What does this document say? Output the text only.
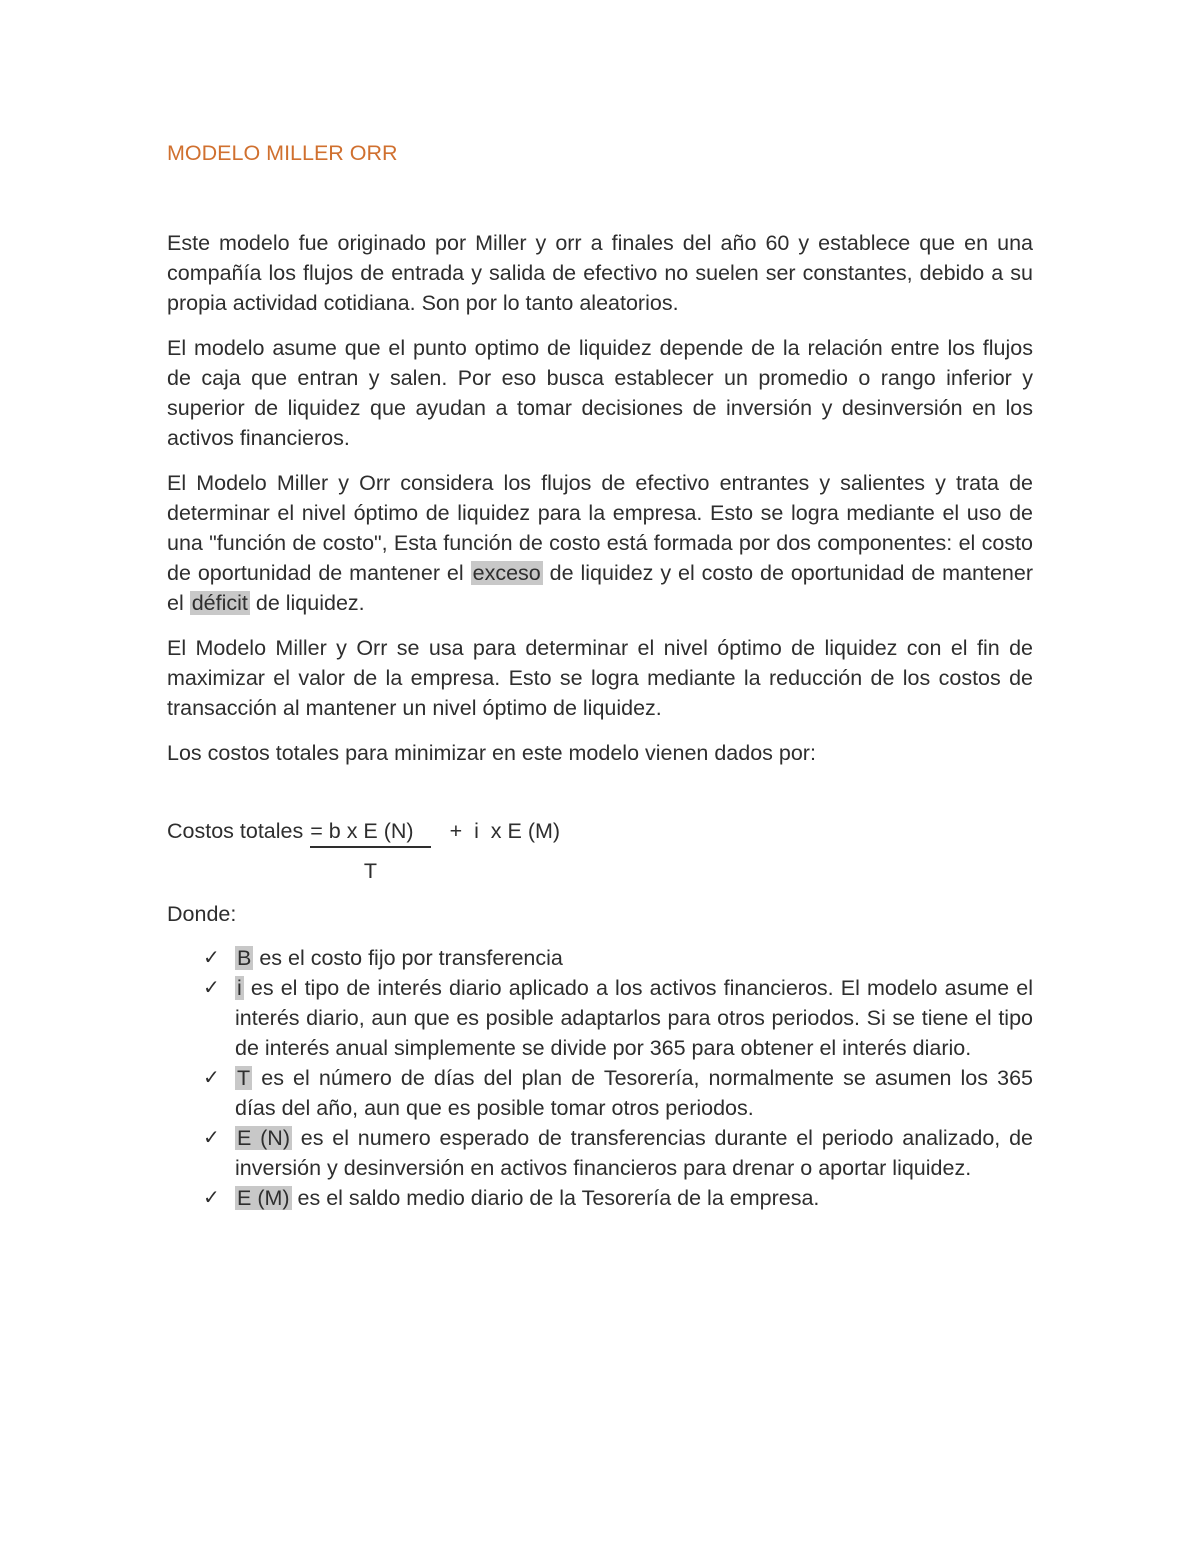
MODELO MILLER ORR

Este modelo fue originado por Miller y orr a finales del año 60 y establece que en una compañía los flujos de entrada y salida de efectivo no suelen ser constantes, debido a su propia actividad cotidiana. Son por lo tanto aleatorios.

El modelo asume que el punto optimo de liquidez depende de la relación entre los flujos de caja que entran y salen. Por eso busca establecer un promedio o rango inferior y superior de liquidez que ayudan a tomar decisiones de inversión y desinversión en los activos financieros.

El Modelo Miller y Orr considera los flujos de efectivo entrantes y salientes y trata de determinar el nivel óptimo de liquidez para la empresa. Esto se logra mediante el uso de una "función de costo", Esta función de costo está formada por dos componentes: el costo de oportunidad de mantener el exceso de liquidez y el costo de oportunidad de mantener el déficit de liquidez.

El Modelo Miller y Orr se usa para determinar el nivel óptimo de liquidez con el fin de maximizar el valor de la empresa. Esto se logra mediante la reducción de los costos de transacción al mantener un nivel óptimo de liquidez.

Los costos totales para minimizar en este modelo vienen dados por:

Costos totales $\frac{\text{= b x E (N)}}{T} + i$  x E (M)

Donde:

✓ B es el costo fijo por transferencia
✓ i es el tipo de interés diario aplicado a los activos financieros. El modelo asume el interés diario, aun que es posible adaptarlos para otros periodos. Si se tiene el tipo de interés anual simplemente se divide por 365 para obtener el interés diario.
✓ T es el número de días del plan de Tesorería, normalmente se asumen los 365 días del año, aun que es posible tomar otros periodos.
✓ E (N) es el numero esperado de transferencias durante el periodo analizado, de inversión y desinversión en activos financieros para drenar o aportar liquidez.
✓ E (M) es el saldo medio diario de la Tesorería de la empresa.
